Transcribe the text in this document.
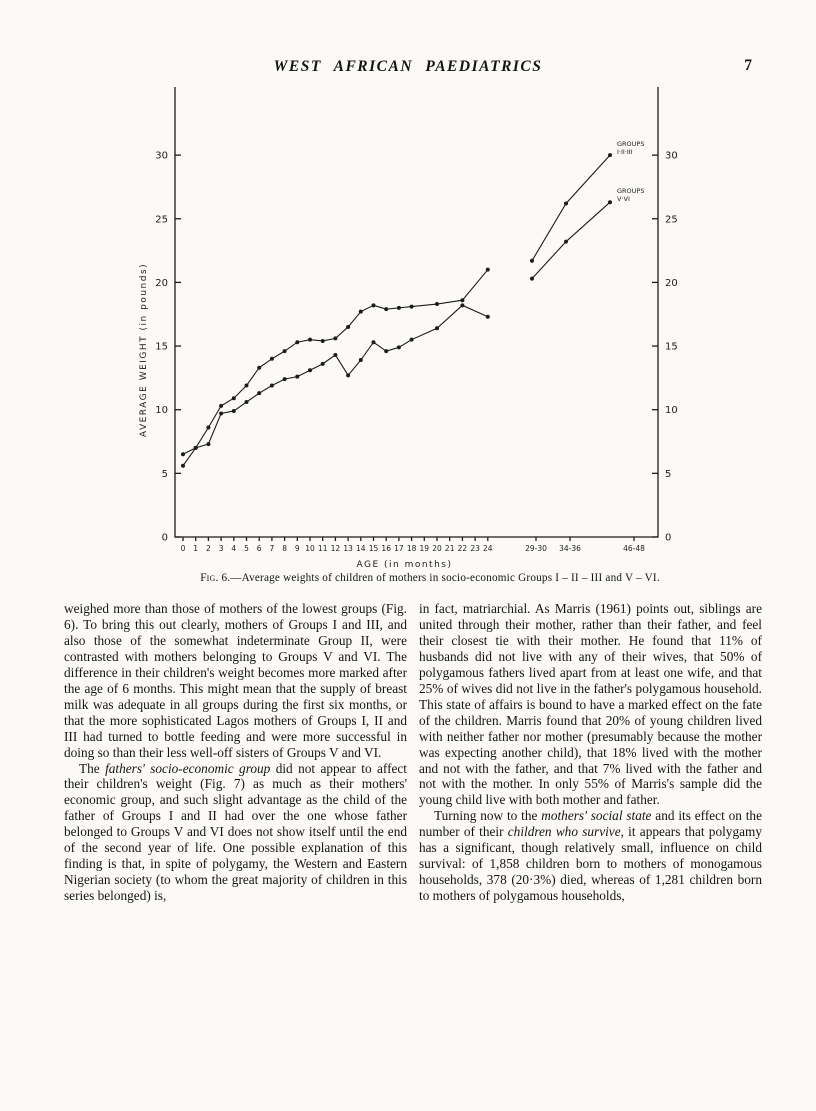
WEST AFRICAN PAEDIATRICS	7
0	0
5	5
10	10
15	15
20	20
25	25
30	30
0 1 2 3 4 5 6 7 8 9 10 11 12 13 14 15 16 17 18 19 20 21 22 23 24	29-30 34-36	46-48
AGE (in months)
AVERAGE WEIGHT (in pounds)
GROUPS
I·II·III
GROUPS
V·VI
Fig. 6.—Average weights of children of mothers in socio-economic Groups I – II – III and V – VI.

weighed more than those of mothers of the lowest groups (Fig. 6). To bring this out clearly, mothers of Groups I and III, and also those of the somewhat indeterminate Group II, were contrasted with mothers belonging to Groups V and VI. The difference in their children's weight becomes more marked after the age of 6 months. This might mean that the supply of breast milk was adequate in all groups during the first six months, or that the more sophisticated Lagos mothers of Groups I, II and III had turned to bottle feeding and were more successful in doing so than their less well-off sisters of Groups V and VI.

The fathers' socio-economic group did not appear to affect their children's weight (Fig. 7) as much as their mothers' economic group, and such slight advantage as the child of the father of Groups I and II had over the one whose father belonged to Groups V and VI does not show itself until the end of the second year of life. One possible explanation of this finding is that, in spite of polygamy, the Western and Eastern Nigerian society (to whom the great majority of children in this series belonged) is,

in fact, matriarchial. As Marris (1961) points out, siblings are united through their mother, rather than their father, and feel their closest tie with their mother. He found that 11% of husbands did not live with any of their wives, that 50% of polygamous fathers lived apart from at least one wife, and that 25% of wives did not live in the father's polygamous household. This state of affairs is bound to have a marked effect on the fate of the children. Marris found that 20% of young children lived with neither father nor mother (presumably because the mother was expecting another child), that 18% lived with the mother and not with the father, and that 7% lived with the father and not with the mother. In only 55% of Marris's sample did the young child live with both mother and father.

Turning now to the mothers' social state and its effect on the number of their children who survive, it appears that polygamy has a significant, though relatively small, influence on child survival: of 1,858 children born to mothers of monogamous households, 378 (20·3%) died, whereas of 1,281 children born to mothers of polygamous households,
